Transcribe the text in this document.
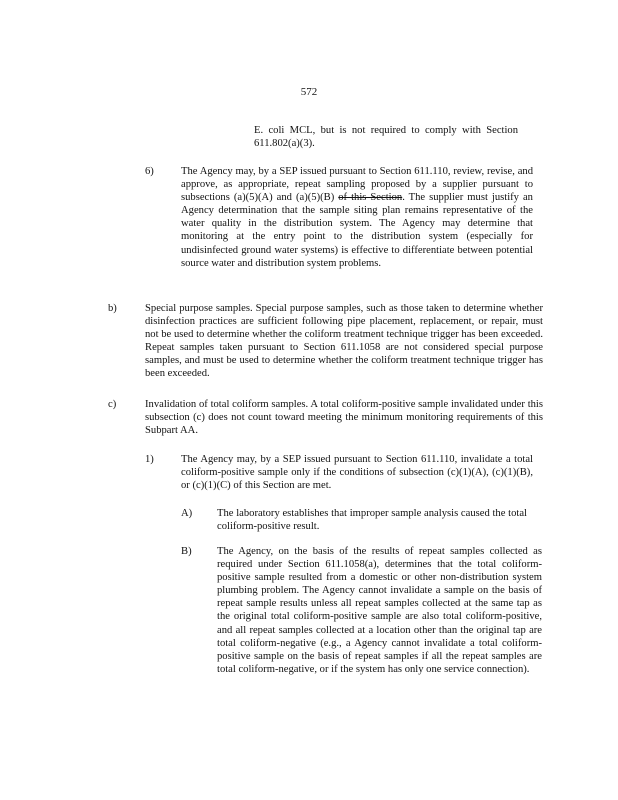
572

E. coli MCL, but is not required to comply with Section 611.802(a)(3).

6)	The Agency may, by a SEP issued pursuant to Section 611.110, review, revise, and approve, as appropriate, repeat sampling proposed by a supplier pursuant to subsections (a)(5)(A) and (a)(5)(B) of this Section. The supplier must justify an Agency determination that the sample siting plan remains representative of the water quality in the distribution system. The Agency may determine that monitoring at the entry point to the distribution system (especially for undisinfected ground water systems) is effective to differentiate between potential source water and distribution system problems.

b)	Special purpose samples. Special purpose samples, such as those taken to determine whether disinfection practices are sufficient following pipe placement, replacement, or repair, must not be used to determine whether the coliform treatment technique trigger has been exceeded. Repeat samples taken pursuant to Section 611.1058 are not considered special purpose samples, and must be used to determine whether the coliform treatment technique trigger has been exceeded.

c)	Invalidation of total coliform samples. A total coliform-positive sample invalidated under this subsection (c) does not count toward meeting the minimum monitoring requirements of this Subpart AA.

1)	The Agency may, by a SEP issued pursuant to Section 611.110, invalidate a total coliform-positive sample only if the conditions of subsection (c)(1)(A), (c)(1)(B), or (c)(1)(C) of this Section are met.

A) The laboratory establishes that improper sample analysis caused the total coliform-positive result.

B) The Agency, on the basis of the results of repeat samples collected as required under Section 611.1058(a), determines that the total coliform-positive sample resulted from a domestic or other non-distribution system plumbing problem. The Agency cannot invalidate a sample on the basis of repeat sample results unless all repeat samples collected at the same tap as the original total coliform-positive sample are also total coliform-positive, and all repeat samples collected at a location other than the original tap are total coliform-negative (e.g., a Agency cannot invalidate a total coliform-positive sample on the basis of repeat samples if all the repeat samples are total coliform-negative, or if the system has only one service connection).
